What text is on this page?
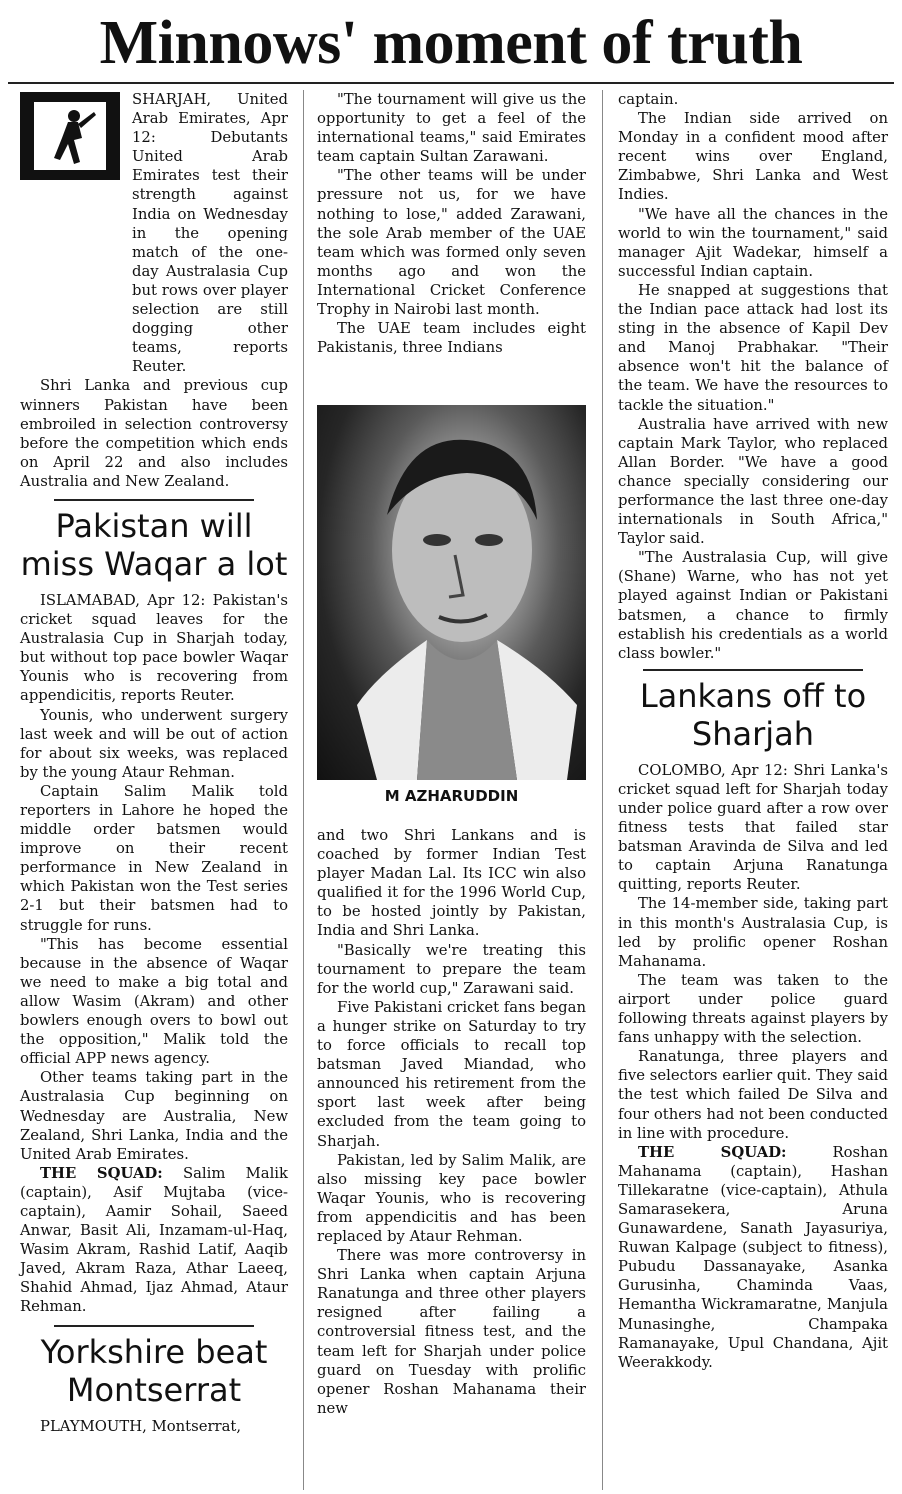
Minnows' moment of truth

SHARJAH, United Arab Emirates, Apr 12: Debutants United Arab Emirates test their strength against India on Wednesday in the opening match of the one-day Australasia Cup but rows over player selection are still dogging other teams, reports Reuter.

Shri Lanka and previous cup winners Pakistan have been embroiled in selection controversy before the competition which ends on April 22 and also includes Australia and New Zealand.

Pakistan will miss Waqar a lot

ISLAMABAD, Apr 12: Pakistan's cricket squad leaves for the Australasia Cup in Sharjah today, but without top pace bowler Waqar Younis who is recovering from appendicitis, reports Reuter.

Younis, who underwent surgery last week and will be out of action for about six weeks, was replaced by the young Ataur Rehman.

Captain Salim Malik told reporters in Lahore he hoped the middle order batsmen would improve on their recent performance in New Zealand in which Pakistan won the Test series 2-1 but their batsmen had to struggle for runs.

"This has become essential because in the absence of Waqar we need to make a big total and allow Wasim (Akram) and other bowlers enough overs to bowl out the opposition," Malik told the official APP news agency.

Other teams taking part in the Australasia Cup beginning on Wednesday are Australia, New Zealand, Shri Lanka, India and the United Arab Emirates.

THE SQUAD: Salim Malik (captain), Asif Mujtaba (vice-captain), Aamir Sohail, Saeed Anwar, Basit Ali, Inzamam-ul-Haq, Wasim Akram, Rashid Latif, Aaqib Javed, Akram Raza, Athar Laeeq, Shahid Ahmad, Ijaz Ahmad, Ataur Rehman.

Yorkshire beat Montserrat

PLAYMOUTH, Montserrat,

"The tournament will give us the opportunity to get a feel of the international teams," said Emirates team captain Sultan Zarawani.

"The other teams will be under pressure not us, for we have nothing to lose," added Zarawani, the sole Arab member of the UAE team which was formed only seven months ago and won the International Cricket Conference Trophy in Nairobi last month.

The UAE team includes eight Pakistanis, three Indians

M AZHARUDDIN

and two Shri Lankans and is coached by former Indian Test player Madan Lal. Its ICC win also qualified it for the 1996 World Cup, to be hosted jointly by Pakistan, India and Shri Lanka.

"Basically we're treating this tournament to prepare the team for the world cup," Zarawani said.

Five Pakistani cricket fans began a hunger strike on Saturday to try to force officials to recall top batsman Javed Miandad, who announced his retirement from the sport last week after being excluded from the team going to Sharjah.

Pakistan, led by Salim Malik, are also missing key pace bowler Waqar Younis, who is recovering from appendicitis and has been replaced by Ataur Rehman.

There was more controversy in Shri Lanka when captain Arjuna Ranatunga and three other players resigned after failing a controversial fitness test, and the team left for Sharjah under police guard on Tuesday with prolific opener Roshan Mahanama their new

captain.

The Indian side arrived on Monday in a confident mood after recent wins over England, Zimbabwe, Shri Lanka and West Indies.

"We have all the chances in the world to win the tournament," said manager Ajit Wadekar, himself a successful Indian captain.

He snapped at suggestions that the Indian pace attack had lost its sting in the absence of Kapil Dev and Manoj Prabhakar. "Their absence won't hit the balance of the team. We have the resources to tackle the situation."

Australia have arrived with new captain Mark Taylor, who replaced Allan Border. "We have a good chance specially considering our performance the last three one-day internationals in South Africa," Taylor said.

"The Australasia Cup, will give (Shane) Warne, who has not yet played against Indian or Pakistani batsmen, a chance to firmly establish his credentials as a world class bowler."

Lankans off to Sharjah

COLOMBO, Apr 12: Shri Lanka's cricket squad left for Sharjah today under police guard after a row over fitness tests that failed star batsman Aravinda de Silva and led to captain Arjuna Ranatunga quitting, reports Reuter.

The 14-member side, taking part in this month's Australasia Cup, is led by prolific opener Roshan Mahanama.

The team was taken to the airport under police guard following threats against players by fans unhappy with the selection.

Ranatunga, three players and five selectors earlier quit. They said the test which failed De Silva and four others had not been conducted in line with procedure.

THE SQUAD: Roshan Mahanama (captain), Hashan Tillekaratne (vice-captain), Athula Samarasekera, Aruna Gunawardene, Sanath Jayasuriya, Ruwan Kalpage (subject to fitness), Pubudu Dassanayake, Asanka Gurusinha, Chaminda Vaas, Hemantha Wickramaratne, Manjula Munasinghe, Champaka Ramanayake, Upul Chandana, Ajit Weerakkody.
